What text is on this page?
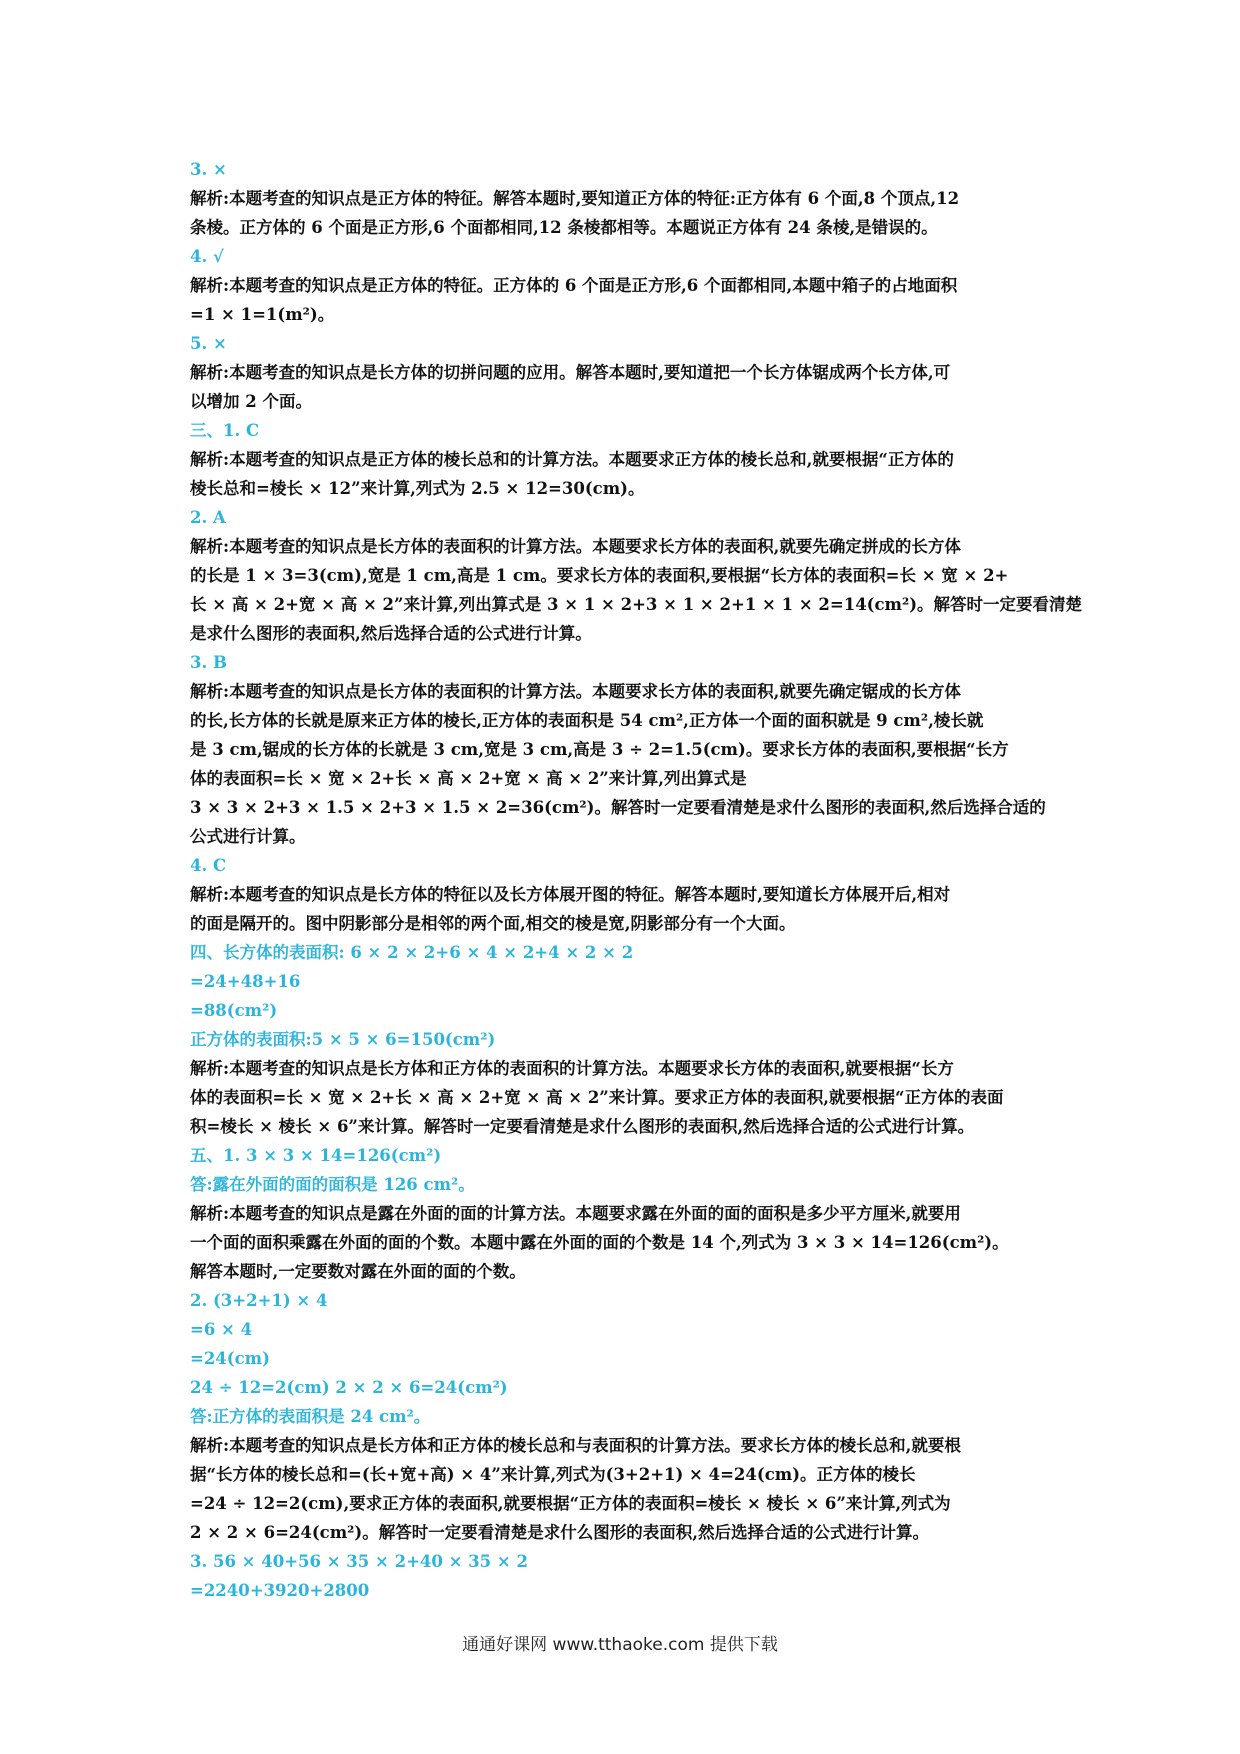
3. ×
解析:本题考查的知识点是正方体的特征。解答本题时,要知道正方体的特征:正方体有 6 个面,8 个顶点,12
条棱。正方体的 6 个面是正方形,6 个面都相同,12 条棱都相等。本题说正方体有 24 条棱,是错误的。
4. √
解析:本题考查的知识点是正方体的特征。正方体的 6 个面是正方形,6 个面都相同,本题中箱子的占地面积
=1 × 1=1(m²)。
5. ×
解析:本题考查的知识点是长方体的切拼问题的应用。解答本题时,要知道把一个长方体锯成两个长方体,可
以增加 2 个面。
三、1. C
解析:本题考查的知识点是正方体的棱长总和的计算方法。本题要求正方体的棱长总和,就要根据“正方体的
棱长总和=棱长 × 12”来计算,列式为 2.5 × 12=30(cm)。
2. A
解析:本题考查的知识点是长方体的表面积的计算方法。本题要求长方体的表面积,就要先确定拼成的长方体
的长是 1 × 3=3(cm),宽是 1 cm,高是 1 cm。要求长方体的表面积,要根据“长方体的表面积=长 × 宽 × 2+
长 × 高 × 2+宽 × 高 × 2”来计算,列出算式是 3 × 1 × 2+3 × 1 × 2+1 × 1 × 2=14(cm²)。解答时一定要看清楚
是求什么图形的表面积,然后选择合适的公式进行计算。
3. B
解析:本题考查的知识点是长方体的表面积的计算方法。本题要求长方体的表面积,就要先确定锯成的长方体
的长,长方体的长就是原来正方体的棱长,正方体的表面积是 54 cm²,正方体一个面的面积就是 9 cm²,棱长就
是 3 cm,锯成的长方体的长就是 3 cm,宽是 3 cm,高是 3 ÷ 2=1.5(cm)。要求长方体的表面积,要根据“长方
体的表面积=长 × 宽 × 2+长 × 高 × 2+宽 × 高 × 2”来计算,列出算式是
3 × 3 × 2+3 × 1.5 × 2+3 × 1.5 × 2=36(cm²)。解答时一定要看清楚是求什么图形的表面积,然后选择合适的
公式进行计算。
4. C
解析:本题考查的知识点是长方体的特征以及长方体展开图的特征。解答本题时,要知道长方体展开后,相对
的面是隔开的。图中阴影部分是相邻的两个面,相交的棱是宽,阴影部分有一个大面。
四、长方体的表面积: 6 × 2 × 2+6 × 4 × 2+4 × 2 × 2
=24+48+16
=88(cm²)
正方体的表面积:5 × 5 × 6=150(cm²)
解析:本题考查的知识点是长方体和正方体的表面积的计算方法。本题要求长方体的表面积,就要根据“长方
体的表面积=长 × 宽 × 2+长 × 高 × 2+宽 × 高 × 2”来计算。要求正方体的表面积,就要根据“正方体的表面
积=棱长 × 棱长 × 6”来计算。解答时一定要看清楚是求什么图形的表面积,然后选择合适的公式进行计算。
五、1. 3 × 3 × 14=126(cm²)
答:露在外面的面的面积是 126 cm²。
解析:本题考查的知识点是露在外面的面的计算方法。本题要求露在外面的面的面积是多少平方厘米,就要用
一个面的面积乘露在外面的面的个数。本题中露在外面的面的个数是 14 个,列式为 3 × 3 × 14=126(cm²)。
解答本题时,一定要数对露在外面的面的个数。
2. (3+2+1) × 4
=6 × 4
=24(cm)
24 ÷ 12=2(cm) 2 × 2 × 6=24(cm²)
答:正方体的表面积是 24 cm²。
解析:本题考查的知识点是长方体和正方体的棱长总和与表面积的计算方法。要求长方体的棱长总和,就要根
据“长方体的棱长总和=(长+宽+高) × 4”来计算,列式为(3+2+1) × 4=24(cm)。正方体的棱长
=24 ÷ 12=2(cm),要求正方体的表面积,就要根据“正方体的表面积=棱长 × 棱长 × 6”来计算,列式为
2 × 2 × 6=24(cm²)。解答时一定要看清楚是求什么图形的表面积,然后选择合适的公式进行计算。
3. 56 × 40+56 × 35 × 2+40 × 35 × 2
=2240+3920+2800
通通好课网 www.tthaoke.com 提供下载
